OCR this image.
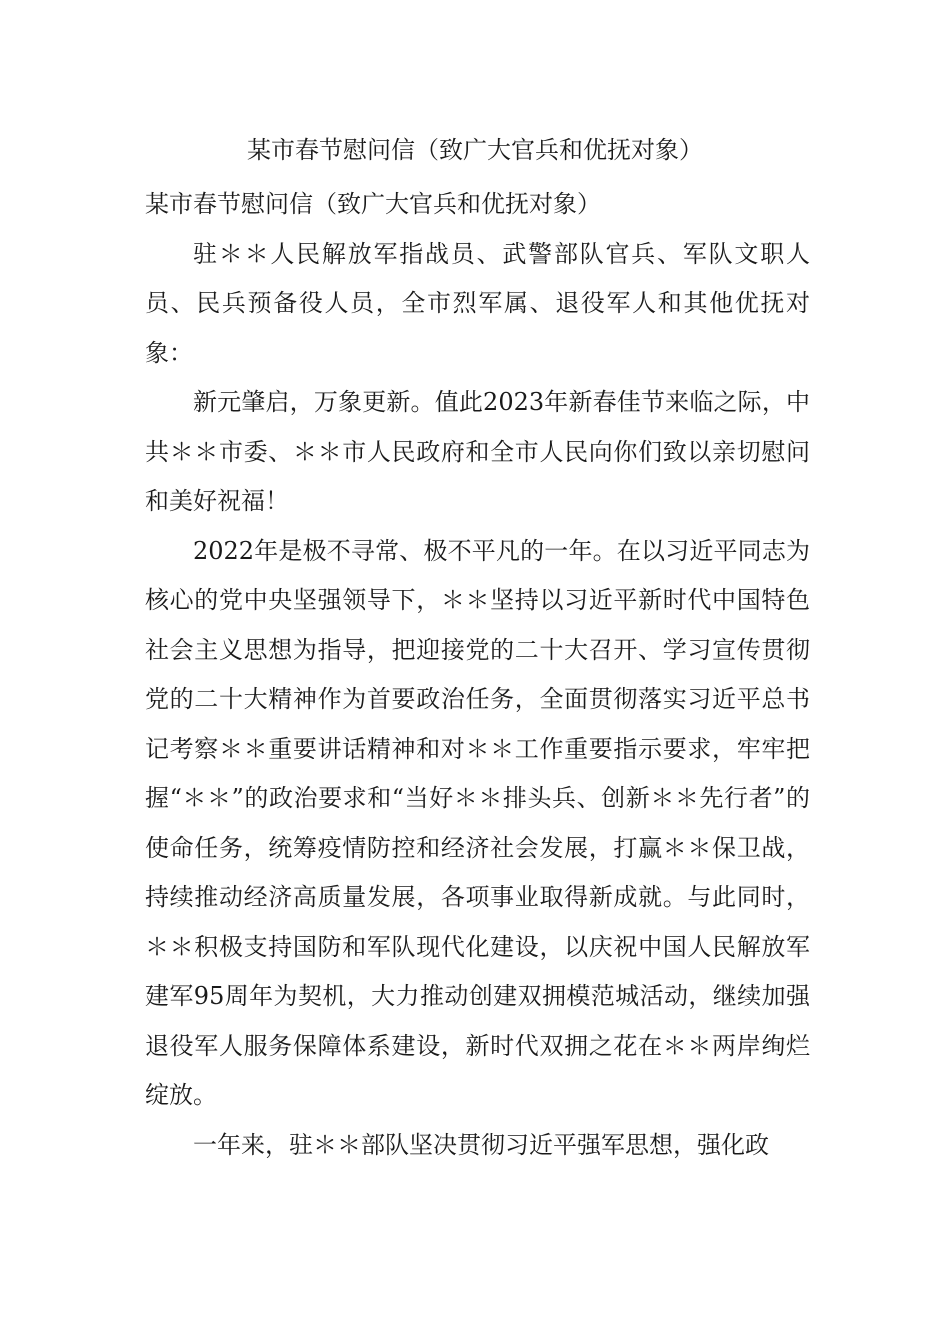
某市春节慰问信（致广大官兵和优抚对象）

某市春节慰问信（致广大官兵和优抚对象）

驻＊＊人民解放军指战员、武警部队官兵、军队文职人员、民兵预备役人员，全市烈军属、退役军人和其他优抚对象：

新元肇启，万象更新。值此2023年新春佳节来临之际，中共＊＊市委、＊＊市人民政府和全市人民向你们致以亲切慰问和美好祝福！

2022年是极不寻常、极不平凡的一年。在以习近平同志为核心的党中央坚强领导下，＊＊坚持以习近平新时代中国特色社会主义思想为指导，把迎接党的二十大召开、学习宣传贯彻党的二十大精神作为首要政治任务，全面贯彻落实习近平总书记考察＊＊重要讲话精神和对＊＊工作重要指示要求，牢牢把握“＊＊”的政治要求和“当好＊＊排头兵、创新＊＊先行者”的使命任务，统筹疫情防控和经济社会发展，打赢＊＊保卫战，持续推动经济高质量发展，各项事业取得新成就。与此同时，＊＊积极支持国防和军队现代化建设，以庆祝中国人民解放军建军95周年为契机，大力推动创建双拥模范城活动，继续加强退役军人服务保障体系建设，新时代双拥之花在＊＊两岸绚烂绽放。

一年来，驻＊＊部队坚决贯彻习近平强军思想，强化政
